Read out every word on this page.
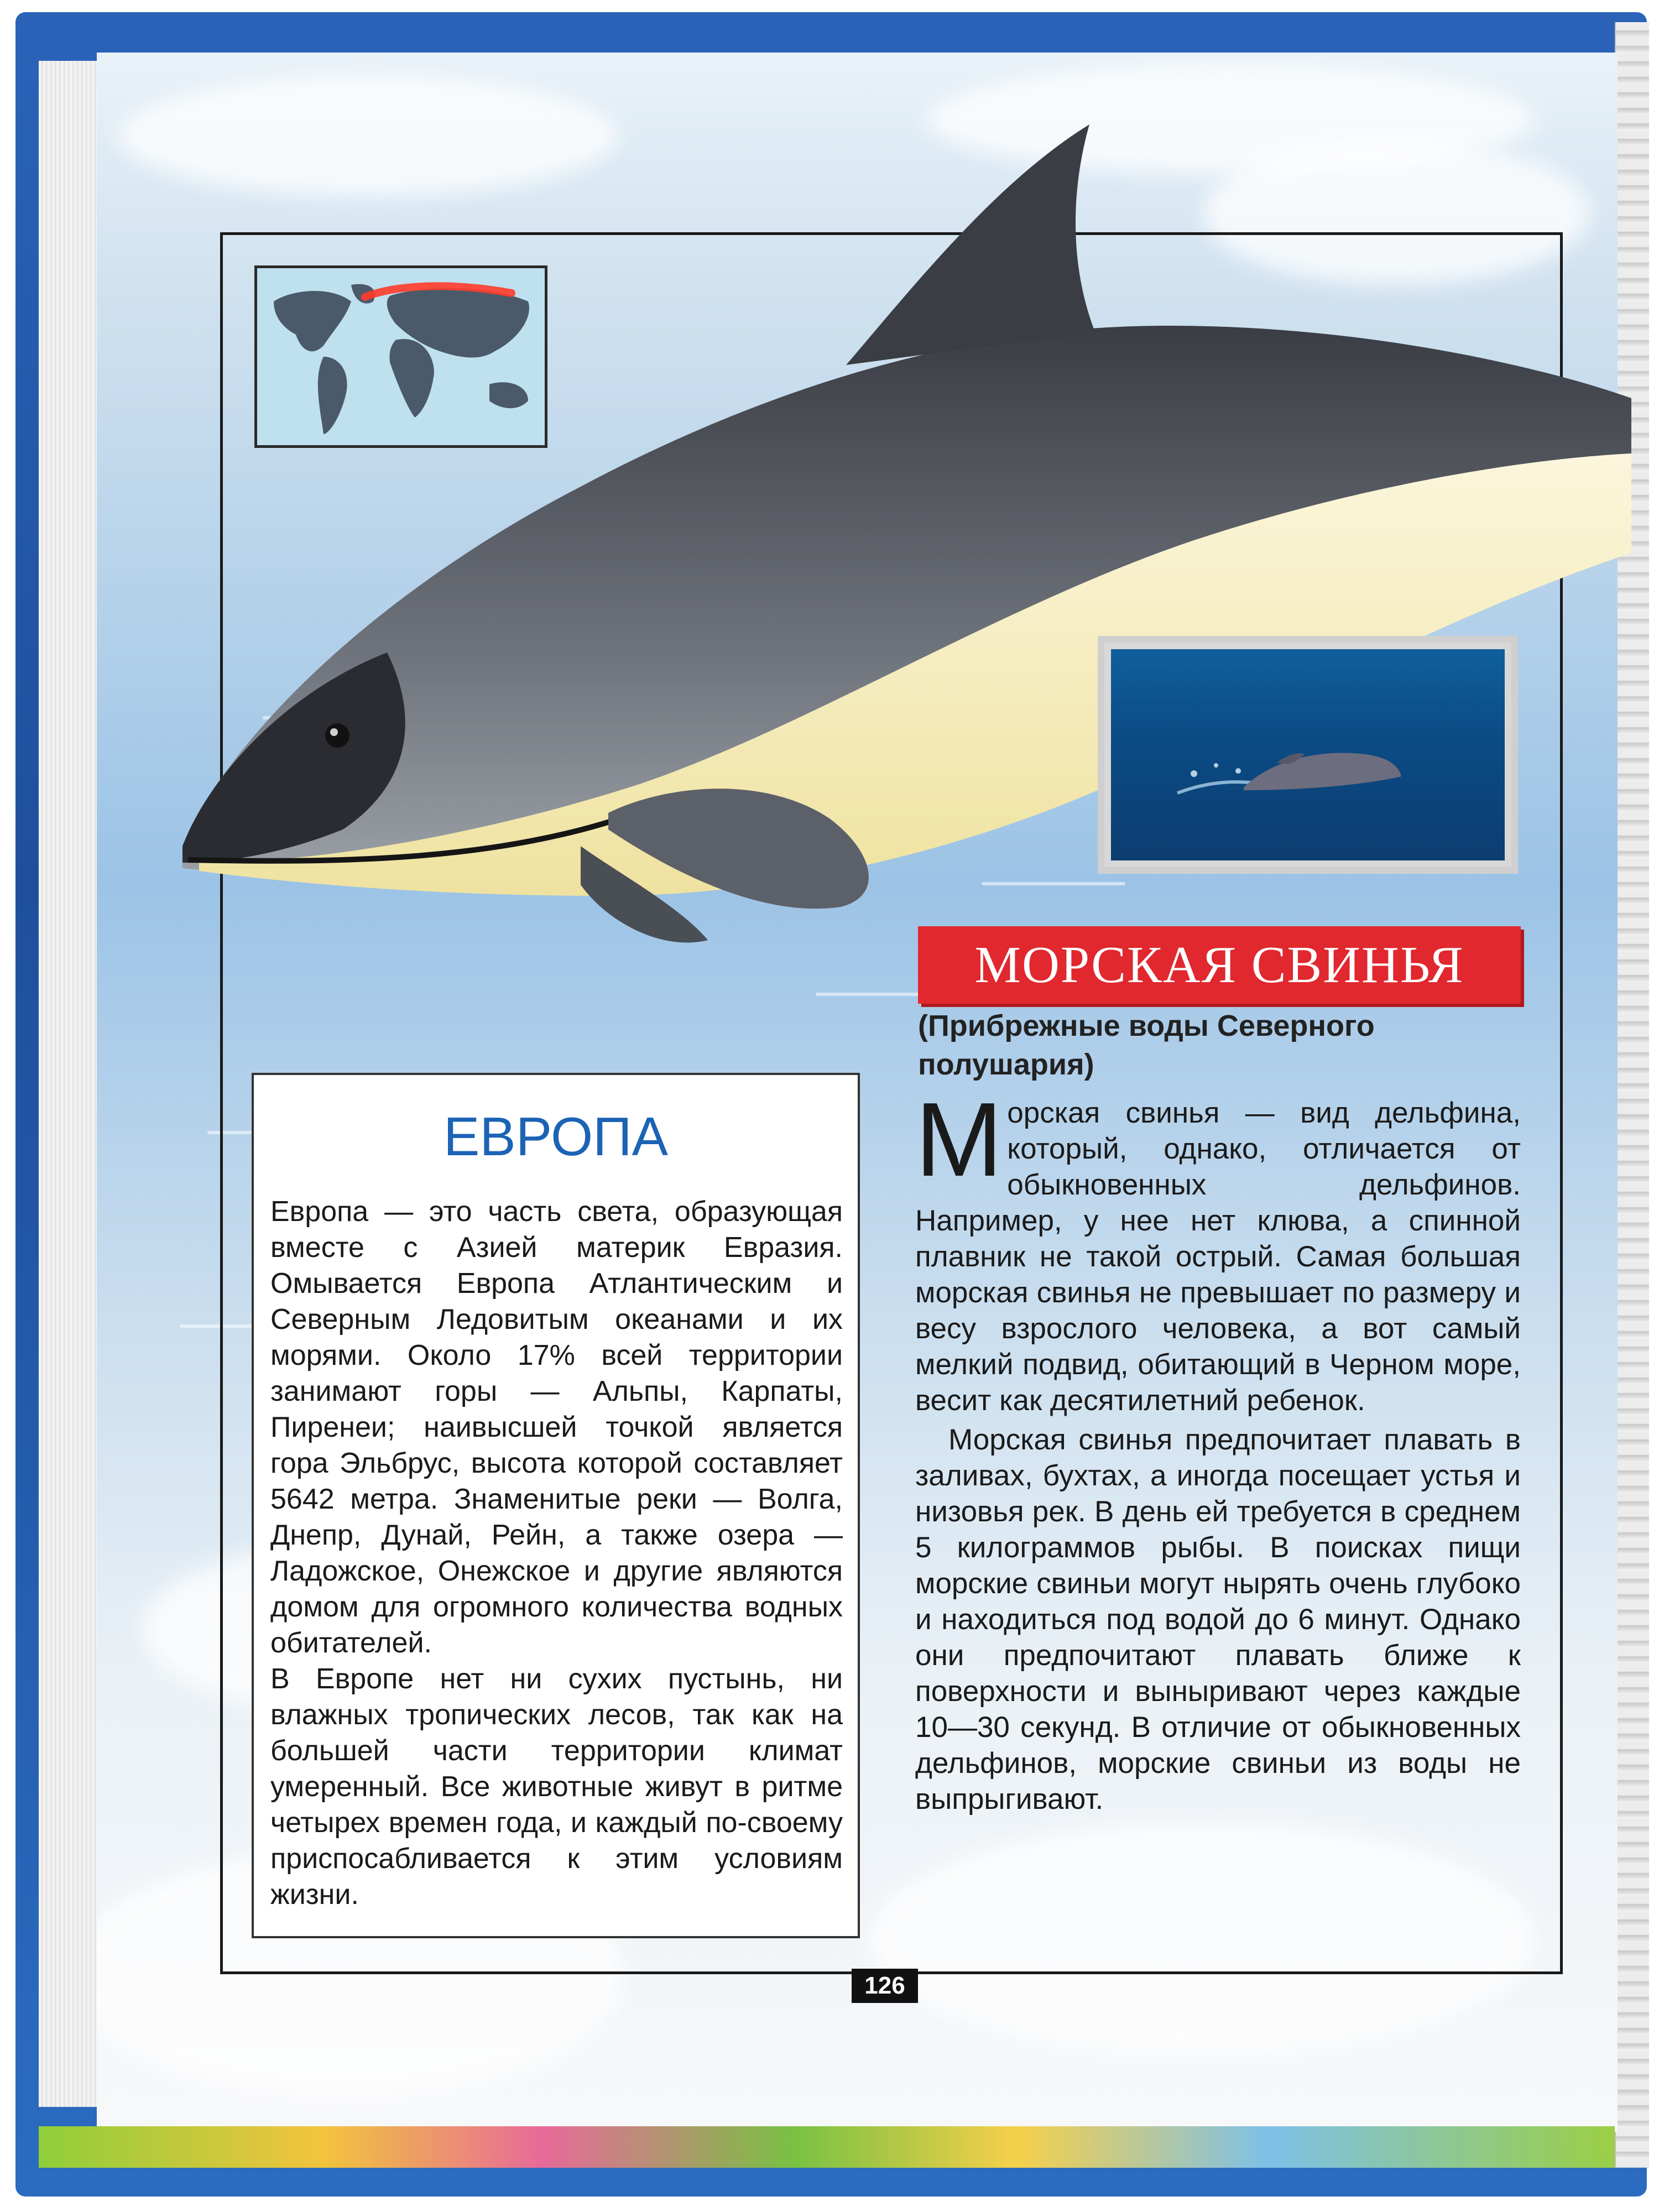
МОРСКАЯ СВИНЬЯ
(Прибрежные воды Северного полушария)

Морская свинья — вид дельфина, который, однако, отличается от обыкновенных дельфинов. Например, у нее нет клюва, а спинной плавник не такой острый. Самая большая морская свинья не превышает по размеру и весу взрослого человека, а вот самый мелкий подвид, обитающий в Черном море, весит как десятилетний ребенок.

Морская свинья предпочитает плавать в заливах, бухтах, а иногда посещает устья и низовья рек. В день ей требуется в среднем 5 килограммов рыбы. В поисках пищи морские свиньи могут нырять очень глубоко и находиться под водой до 6 минут. Однако они предпочитают плавать ближе к поверхности и выныривают через каждые 10—30 секунд. В отличие от обыкновенных дельфинов, морские свиньи из воды не выпрыгивают.

ЕВРОПА

Европа — это часть света, образующая вместе с Азией материк Евразия. Омывается Европа Атлантическим и Северным Ледовитым океанами и их морями. Около 17% всей территории занимают горы — Альпы, Карпаты, Пиренеи; наивысшей точкой является гора Эльбрус, высота которой составляет 5642 метра. Знаменитые реки — Волга, Днепр, Дунай, Рейн, а также озера — Ладожское, Онежское и другие являются домом для огромного количества водных обитателей.

В Европе нет ни сухих пустынь, ни влажных тропических лесов, так как на большей части территории климат умеренный. Все животные живут в ритме четырех времен года, и каждый по-своему приспосабливается к этим условиям жизни.

126
